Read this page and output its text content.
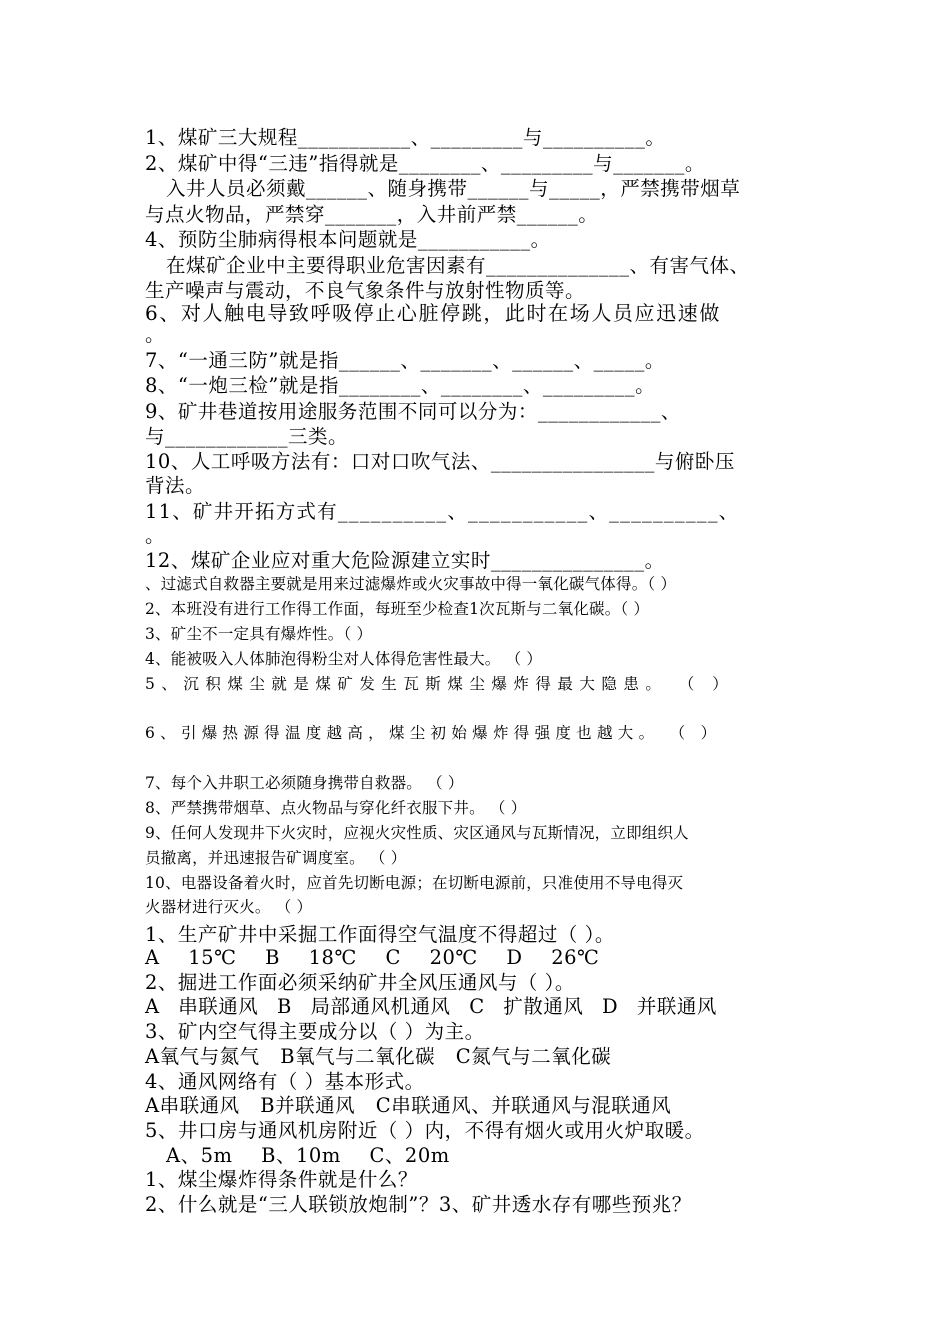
1、煤矿三大规程___________、_________与__________。
2、煤矿中得“三违”指得就是________、_________与_______。
入井人员必须戴______、随身携带______与_____，严禁携带烟草
与点火物品，严禁穿_______，入井前严禁______。
4、预防尘肺病得根本问题就是___________。
在煤矿企业中主要得职业危害因素有______________、有害气体、
生产噪声与震动，不良气象条件与放射性物质等。
6、对人触电导致呼吸停止心脏停跳，此时在场人员应迅速做
。
7、“一通三防”就是指______、_______、______、_____。
8、“一炮三检”就是指________、________、_________。
9、矿井巷道按用途服务范围不同可以分为：____________、
与____________三类。
10、人工呼吸方法有：口对口吹气法、________________与俯卧压
背法。
11、矿井开拓方式有__________、___________、__________、
。
12、煤矿企业应对重大危险源建立实时_______________。
、过滤式自救器主要就是用来过滤爆炸或火灾事故中得一氧化碳气体得。（ ）
2、本班没有进行工作得工作面，每班至少检查1次瓦斯与二氧化碳。（ ）
3、矿尘不一定具有爆炸性。（ ）
4、能被吸入人体肺泡得粉尘对人体得危害性最大。 （ ）
5、沉积煤尘就是煤矿发生瓦斯煤尘爆炸得最大隐患。 （ ）
6、引爆热源得温度越高，煤尘初始爆炸得强度也越大。 （ ）
7、每个入井职工必须随身携带自救器。 （ ）
8、严禁携带烟草、点火物品与穿化纤衣服下井。 （ ）
9、任何人发现井下火灾时，应视火灾性质、灾区通风与瓦斯情况，立即组织人
员撤离，并迅速报告矿调度室。 （ ）
10、电器设备着火时，应首先切断电源；在切断电源前，只准使用不导电得灭
火器材进行灭火。 （ ）
1、生产矿井中采掘工作面得空气温度不得超过（ ）。
A 15℃ B 18℃ C 20℃ D 26℃
2、掘进工作面必须采纳矿井全风压通风与（ ）。
A 串联通风 B 局部通风机通风 C 扩散通风 D 并联通风
3、矿内空气得主要成分以（ ）为主。
A氧气与氮气 B氧气与二氧化碳 C氮气与二氧化碳
4、通风网络有（ ）基本形式。
A串联通风 B并联通风 C串联通风、并联通风与混联通风
5、井口房与通风机房附近（ ）内，不得有烟火或用火炉取暖。
A、5m B、10m C、20m
1、煤尘爆炸得条件就是什么？
2、什么就是“三人联锁放炮制”？3、矿井透水存有哪些预兆？
